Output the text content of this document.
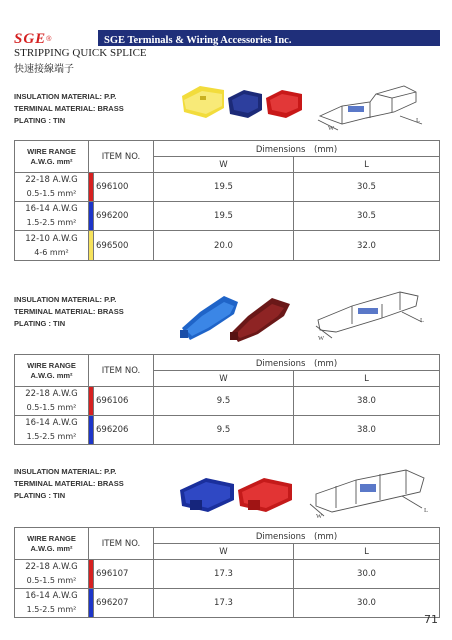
SGE®	SGE Terminals & Wiring Accessories Inc.
STRIPPING QUICK SPLICE
快速接線端子
INSULATION MATERIAL: P.P.
TERMINAL MATERIAL: BRASS
PLATING : TIN
W
L
WIRE RANGE
A.W.G. mm²	ITEM NO.		Dimensions　(mm)	
			W	L

22-18 A.W.G
0.5-1.5 mm²		696100	19.5	30.5

16-14 A.W.G
1.5-2.5 mm²		696200	19.5	30.5

12-10 A.W.G
4-6 mm²		696500	20.0	32.0
INSULATION MATERIAL: P.P.
TERMINAL MATERIAL: BRASS
PLATING : TIN
W
L
WIRE RANGE
A.W.G. mm²	ITEM NO.		Dimensions　(mm)	
			W	L

22-18 A.W.G
0.5-1.5 mm²		696106	9.5	38.0

16-14 A.W.G
1.5-2.5 mm²		696206	9.5	38.0
INSULATION MATERIAL: P.P.
TERMINAL MATERIAL: BRASS
PLATING : TIN
W
L
WIRE RANGE
A.W.G. mm²	ITEM NO.		Dimensions　(mm)	
			W	L

22-18 A.W.G
0.5-1.5 mm²		696107	17.3	30.0

16-14 A.W.G
1.5-2.5 mm²		696207	17.3	30.0
71
